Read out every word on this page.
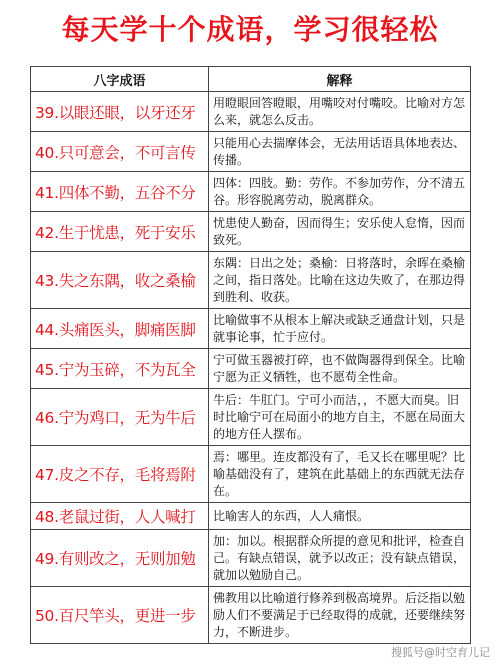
每天学十个成语，学习很轻松
八字成语	解释
39.以眼还眼，以牙还牙	用瞪眼回答瞪眼，用嘴咬对付嘴咬。比喻对方怎么来，就怎么反击。
40.只可意会，不可言传	只能用心去揣摩体会，无法用话语具体地表达、传播。
41.四体不勤，五谷不分	四体：四肢。勤：劳作。不参加劳作，分不清五谷。形容脱离劳动，脱离群众。
42.生于忧患，死于安乐	忧患使人勤奋，因而得生；安乐使人怠惰，因而致死。
43.失之东隅，收之桑榆	东隅：日出之处；桑榆：日将落时，余晖在桑榆之间，指日落处。比喻在这边失败了，在那边得到胜利、收获。
44.头痛医头，脚痛医脚	比喻做事不从根本上解决或缺乏通盘计划，只是就事论事，忙于应付。
45.宁为玉碎，不为瓦全	宁可做玉器被打碎，也不做陶器得到保全。比喻宁愿为正义牺牲，也不愿苟全性命。
46.宁为鸡口，无为牛后	牛后：牛肛门。宁可小而洁，，不愿大而臭。旧时比喻宁可在局面小的地方自主，不愿在局面大的地方任人摆布。
47.皮之不存，毛将焉附	焉：哪里。连皮都没有了，毛又长在哪里呢？比喻基础没有了，建筑在此基础上的东西就无法存在。
48.老鼠过街，人人喊打	比喻害人的东西，人人痛恨。
49.有则改之，无则加勉	加：加以。根据群众所提的意见和批评，检查自己。有缺点错误，就予以改正；没有缺点错误，就加以勉励自己。
50.百尺竿头，更进一步	佛教用以比喻道行修养到极高境界。后泛指以勉励人们不要满足于已经取得的成就，还要继续努力，不断进步。
搜狐号@时空育儿记
